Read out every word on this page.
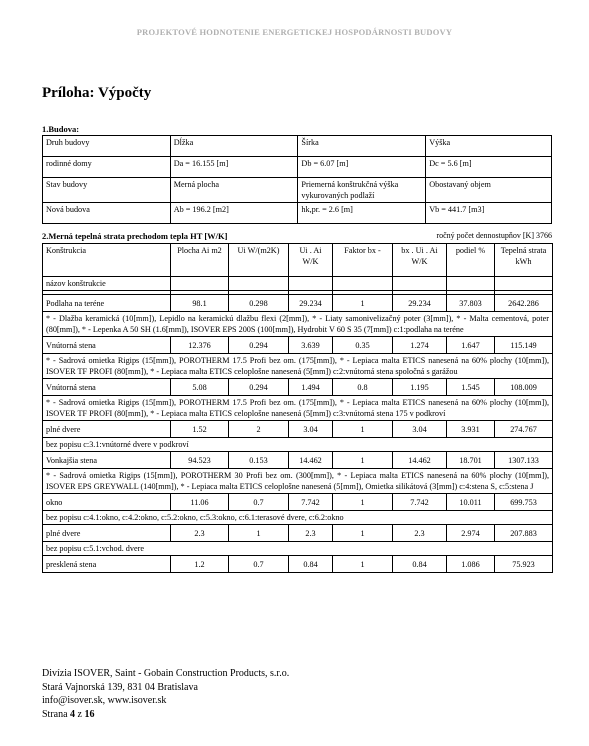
PROJEKTOVÉ HODNOTENIE ENERGETICKEJ HOSPODÁRNOSTI BUDOVY
Príloha: Výpočty
1.Budova:
Druh budovy	Dĺžka	Šírka	Výška
rodinné domy	Da = 16.155 [m]	Db = 6.07 [m]	Dc = 5.6 [m]
Stav budovy	Merná plocha	Priemerná konštrukčná výška vykurovaných podlaží	Obostavaný objem
Nová budova	Ab = 196.2 [m2]	hk,pr. = 2.6 [m]	Vb = 441.7 [m3]
2.Merná tepelná strata prechodom tepla HT [W/K]	ročný počet dennostupňov [K] 3766
Konštrukcia	Plocha Ai m2	Ui W/(m2K)	Ui . Ai W/K	Faktor bx -	bx . Ui . Ai W/K	podiel %	Tepelná strata kWh
názov konštrukcie							

Podlaha na teréne	98.1	0.298	29.234	1	29.234	37.803	2642.286
* - Dlažba keramická (10[mm]), Lepidlo na keramickú dlažbu flexi (2[mm]), * - Liaty samonivelizačný poter (3[mm]), * - Malta cementová, poter (80[mm]), * - Lepenka A 50 SH (1.6[mm]), ISOVER EPS 200S (100[mm]), Hydrobit V 60 S 35 (7[mm]) c:1:podlaha na teréne							
Vnútorná stena	12.376	0.294	3.639	0.35	1.274	1.647	115.149
* - Sadrová omietka Rigips (15[mm]), POROTHERM 17.5 Profi bez om. (175[mm]), * - Lepiaca malta ETICS nanesená na 60% plochy (10[mm]), ISOVER TF PROFI (80[mm]), * - Lepiaca malta ETICS celoplošne nanesená (5[mm]) c:2:vnútorná stena spoločná s garážou							
Vnútorná stena	5.08	0.294	1.494	0.8	1.195	1.545	108.009
* - Sadrová omietka Rigips (15[mm]), POROTHERM 17.5 Profi bez om. (175[mm]), * - Lepiaca malta ETICS nanesená na 60% plochy (10[mm]), ISOVER TF PROFI (80[mm]), * - Lepiaca malta ETICS celoplošne nanesená (5[mm]) c:3:vnútorná stena 175 v podkroví							
plné dvere	1.52	2	3.04	1	3.04	3.931	274.767
bez popisu c:3.1:vnútorné dvere v podkroví							
Vonkajšia stena	94.523	0.153	14.462	1	14.462	18.701	1307.133
* - Sadrová omietka Rigips (15[mm]), POROTHERM 30 Profi bez om. (300[mm]), * - Lepiaca malta ETICS nanesená na 60% plochy (10[mm]), ISOVER EPS GREYWALL (140[mm]), * - Lepiaca malta ETICS celoplošne nanesená (5[mm]), Omietka silikátová (3[mm]) c:4:stena S, c:5:stena J							
okno	11.06	0.7	7.742	1	7.742	10.011	699.753
bez popisu c:4.1:okno, c:4.2:okno, c:5.2:okno, c:5.3:okno, c:6.1:terasové dvere, c:6.2:okno							
plné dvere	2.3	1	2.3	1	2.3	2.974	207.883
bez popisu c:5.1:vchod. dvere							
presklená stena	1.2	0.7	0.84	1	0.84	1.086	75.923
Divízia ISOVER, Saint - Gobain Construction Products, s.r.o.
Stará Vajnorská 139, 831 04 Bratislava
info@isover.sk, www.isover.sk
Strana 4 z 16
